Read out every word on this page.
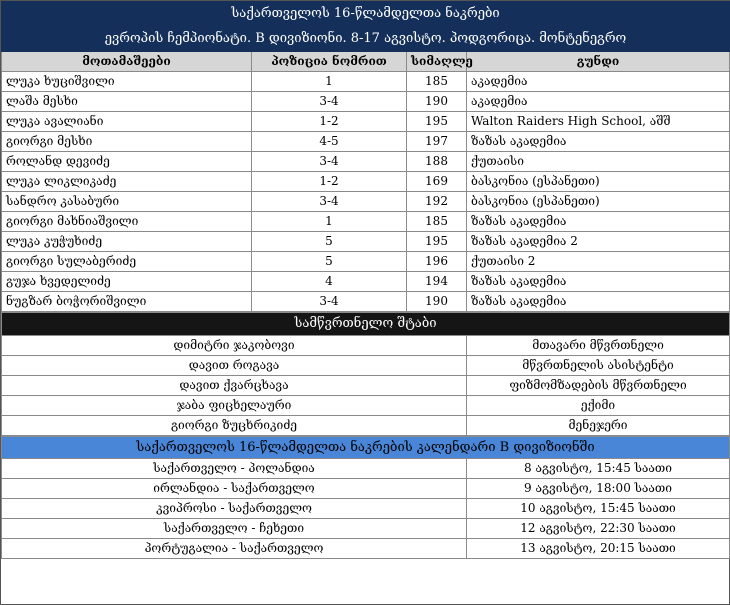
საქართველოს 16-წლამდელთა ნაკრები			
ევროპის ჩემპიონატი. B დივიზიონი. 8-17 აგვისტო. პოდგორიცა. მონტენეგრო			
მოთამაშეები	პოზიცია ნომრით	სიმაღლე	გუნდი
ლუკა ხუციშვილი	1	185	აკადემია
ლაშა მესხი	3-4	190	აკადემია
ლუკა ავალიანი	1-2	195	Walton Raiders High School, აშშ
გიორგი მესხი	4-5	197	ზაზას აკადემია
როლანდ დევიძე	3-4	188	ქუთაისი
ლუკა ლიკლიკაძე	1-2	169	ბასკონია (ესპანეთი)
სანდრო კასაბური	3-4	192	ბასკონია (ესპანეთი)
გიორგი მახნიაშვილი	1	185	ზაზას აკადემია
ლუკა კუჭუხიძე	5	195	ზაზას აკადემია 2
გიორგი სულაბერიძე	5	196	ქუთაისი 2
გუჯა ხვედელიძე	4	194	ზაზას აკადემია
ნუგზარ ბოჭორიშვილი	3-4	190	ზაზას აკადემია
სამწვრთნელო შტაბი	
დიმიტრი ჯაკობოვი	მთავარი მწვრთნელი
დავით როგავა	მწვრთნელის ასისტენტი
დავით ქვარცხავა	ფიზმომზადების მწვრთნელი
ჯაბა ფიცხელაური	ექიმი
გიორგი ზუცხრიკიძე	მენეჯერი
საქართველოს 16-წლამდელთა ნაკრების კალენდარი B დივიზიონში	
საქართველო - პოლანდია	8 აგვისტო, 15:45 საათი
ირლანდია - საქართველო	9 აგვისტო, 18:00 საათი
კვიპროსი - საქართველო	10 აგვისტო, 15:45 საათი
საქართველო - ჩეხეთი	12 აგვისტო, 22:30 საათი
პორტუგალია - საქართველო	13 აგვისტო, 20:15 საათი
